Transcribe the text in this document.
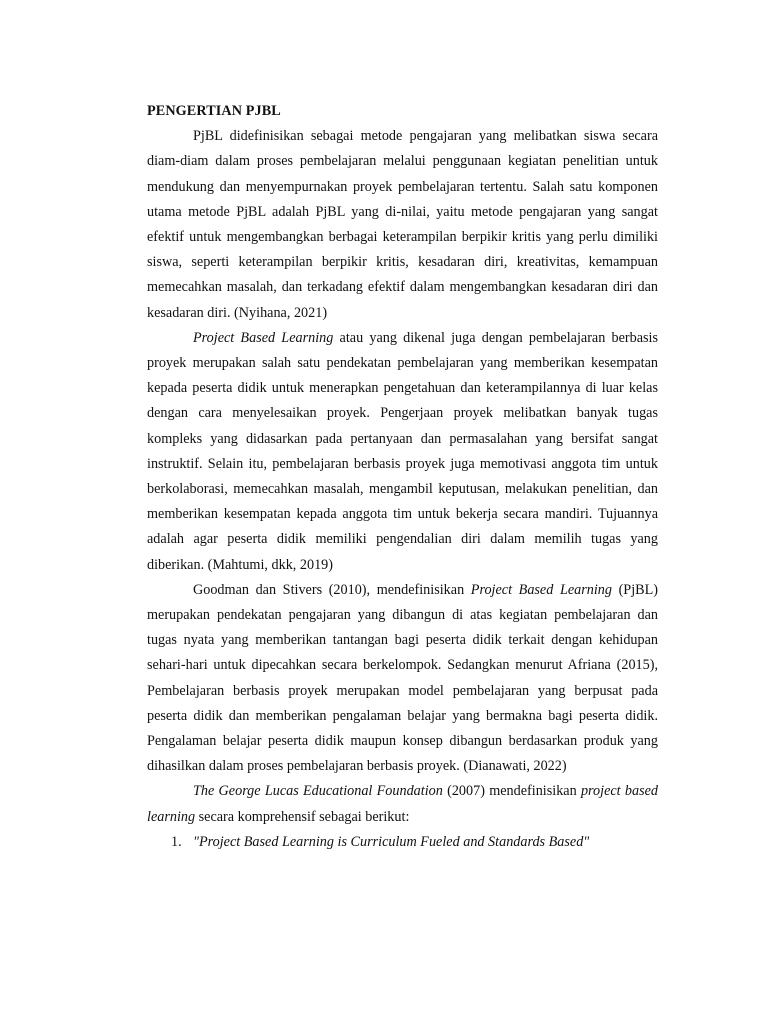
PENGERTIAN PJBL

PjBL didefinisikan sebagai metode pengajaran yang melibatkan siswa secara diam-diam dalam proses pembelajaran melalui penggunaan kegiatan penelitian untuk mendukung dan menyempurnakan proyek pembelajaran tertentu. Salah satu komponen utama metode PjBL adalah PjBL yang di-nilai, yaitu metode pengajaran yang sangat efektif untuk mengembangkan berbagai keterampilan berpikir kritis yang perlu dimiliki siswa, seperti keterampilan berpikir kritis, kesadaran diri, kreativitas, kemampuan memecahkan masalah, dan terkadang efektif dalam mengembangkan kesadaran diri dan kesadaran diri. (Nyihana, 2021)

Project Based Learning atau yang dikenal juga dengan pembelajaran berbasis proyek merupakan salah satu pendekatan pembelajaran yang memberikan kesempatan kepada peserta didik untuk menerapkan pengetahuan dan keterampilannya di luar kelas dengan cara menyelesaikan proyek. Pengerjaan proyek melibatkan banyak tugas kompleks yang didasarkan pada pertanyaan dan permasalahan yang bersifat sangat instruktif. Selain itu, pembelajaran berbasis proyek juga memotivasi anggota tim untuk berkolaborasi, memecahkan masalah, mengambil keputusan, melakukan penelitian, dan memberikan kesempatan kepada anggota tim untuk bekerja secara mandiri. Tujuannya adalah agar peserta didik memiliki pengendalian diri dalam memilih tugas yang diberikan. (Mahtumi, dkk, 2019)

Goodman dan Stivers (2010), mendefinisikan Project Based Learning (PjBL) merupakan pendekatan pengajaran yang dibangun di atas kegiatan pembelajaran dan tugas nyata yang memberikan tantangan bagi peserta didik terkait dengan kehidupan sehari-hari untuk dipecahkan secara berkelompok. Sedangkan menurut Afriana (2015), Pembelajaran berbasis proyek merupakan model pembelajaran yang berpusat pada peserta didik dan memberikan pengalaman belajar yang bermakna bagi peserta didik. Pengalaman belajar peserta didik maupun konsep dibangun berdasarkan produk yang dihasilkan dalam proses pembelajaran berbasis proyek. (Dianawati, 2022)

The George Lucas Educational Foundation (2007) mendefinisikan project based learning secara komprehensif sebagai berikut:

1. "Project Based Learning is Curriculum Fueled and Standards Based"
